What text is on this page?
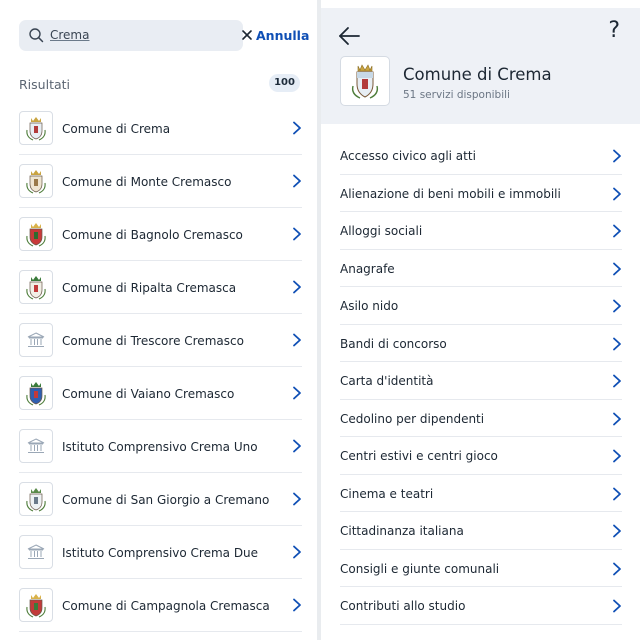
Crema	Annulla
Risultati	100
Comune di Crema
Comune di Monte Cremasco
Comune di Bagnolo Cremasco
Comune di Ripalta Cremasca
Comune di Trescore Cremasco
Comune di Vaiano Cremasco
Istituto Comprensivo Crema Uno
Comune di San Giorgio a Cremano
Istituto Comprensivo Crema Due
Comune di Campagnola Cremasca
?
Comune di Crema
51 servizi disponibili
Accesso civico agli atti
Alienazione di beni mobili e immobili
Alloggi sociali
Anagrafe
Asilo nido
Bandi di concorso
Carta d'identità
Cedolino per dipendenti
Centri estivi e centri gioco
Cinema e teatri
Cittadinanza italiana
Consigli e giunte comunali
Contributi allo studio
